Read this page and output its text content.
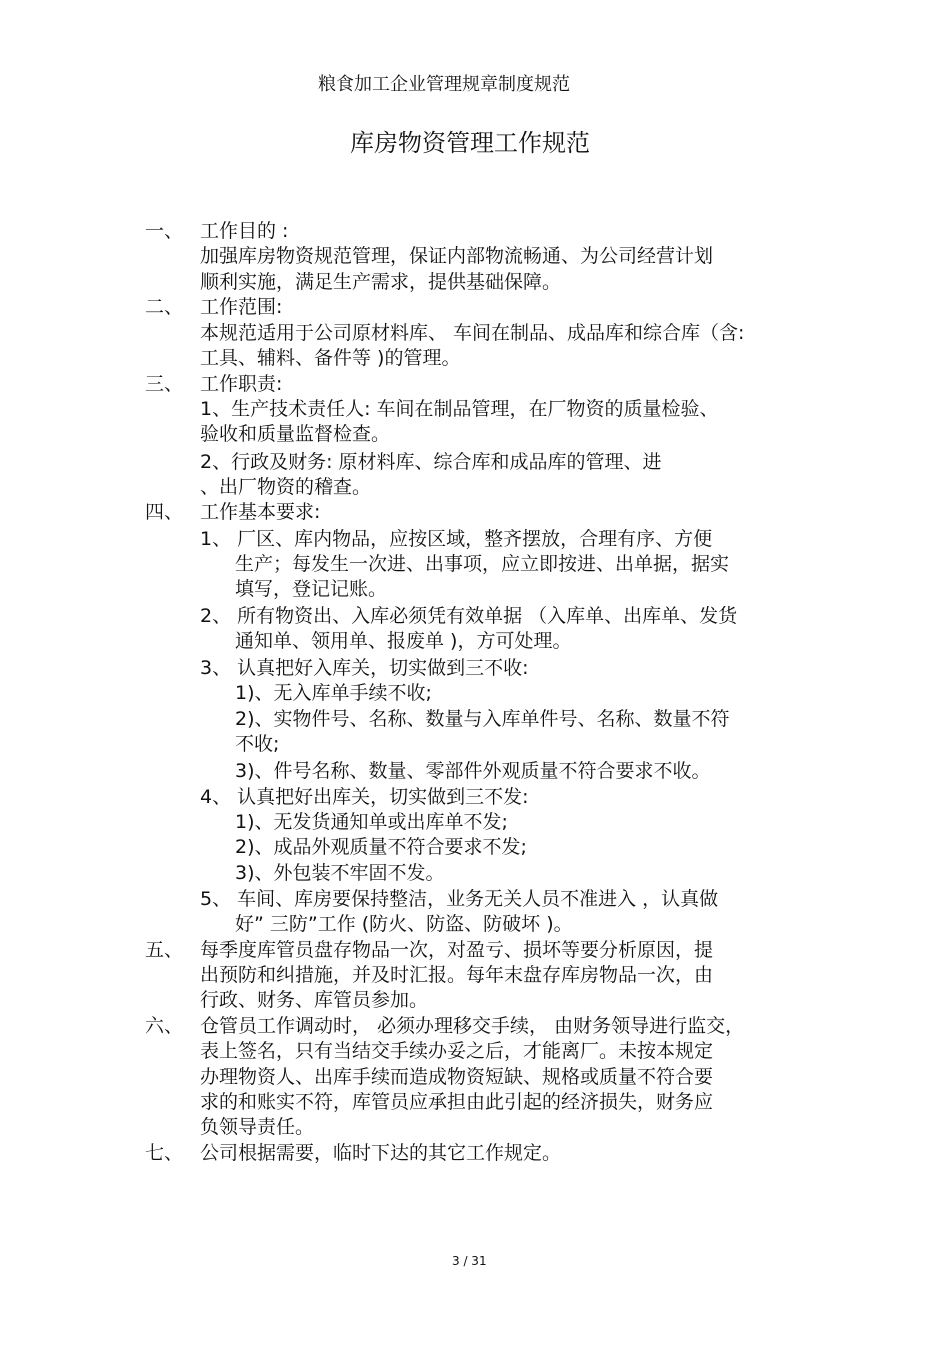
粮食加工企业管理规章制度规范
库房物资管理工作规范
一、 工作目的 :
加强库房物资规范管理，保证内部物流畅通、为公司经营计划
顺利实施，满足生产需求，提供基础保障。
二、 工作范围:
本规范适用于公司原材料库、 车间在制品、成品库和综合库（含:
工具、辅料、备件等 )的管理。
三、 工作职责:
1、生产技术责任人: 车间在制品管理，在厂物资的质量检验、
验收和质量监督检查。
2、行政及财务: 原材料库、综合库和成品库的管理、进
、出厂物资的稽查。
四、 工作基本要求:
1、 厂区、库内物品，应按区域，整齐摆放，合理有序、方便
生产；每发生一次进、出事项，应立即按进、出单据，据实
填写，登记记账。
2、 所有物资出、入库必须凭有效单据 （入库单、出库单、发货
通知单、领用单、报废单 )，方可处理。
3、 认真把好入库关，切实做到三不收:
1)、无入库单手续不收;
2)、实物件号、名称、数量与入库单件号、名称、数量不符
不收;
3)、件号名称、数量、零部件外观质量不符合要求不收。
4、 认真把好出库关，切实做到三不发:
1)、无发货通知单或出库单不发;
2)、成品外观质量不符合要求不发;
3)、外包装不牢固不发。
5、 车间、库房要保持整洁，业务无关人员不准进入 ，认真做
好” 三防”工作 (防火、防盗、防破坏 )。
五、 每季度库管员盘存物品一次，对盈亏、损坏等要分析原因，提
出预防和纠措施，并及时汇报。每年末盘存库房物品一次，由
行政、财务、库管员参加。
六、 仓管员工作调动时， 必须办理移交手续， 由财务领导进行监交，
表上签名，只有当结交手续办妥之后，才能离厂。未按本规定
办理物资人、出库手续而造成物资短缺、规格或质量不符合要
求的和账实不符，库管员应承担由此引起的经济损失，财务应
负领导责任。
七、 公司根据需要，临时下达的其它工作规定。
3 / 31
